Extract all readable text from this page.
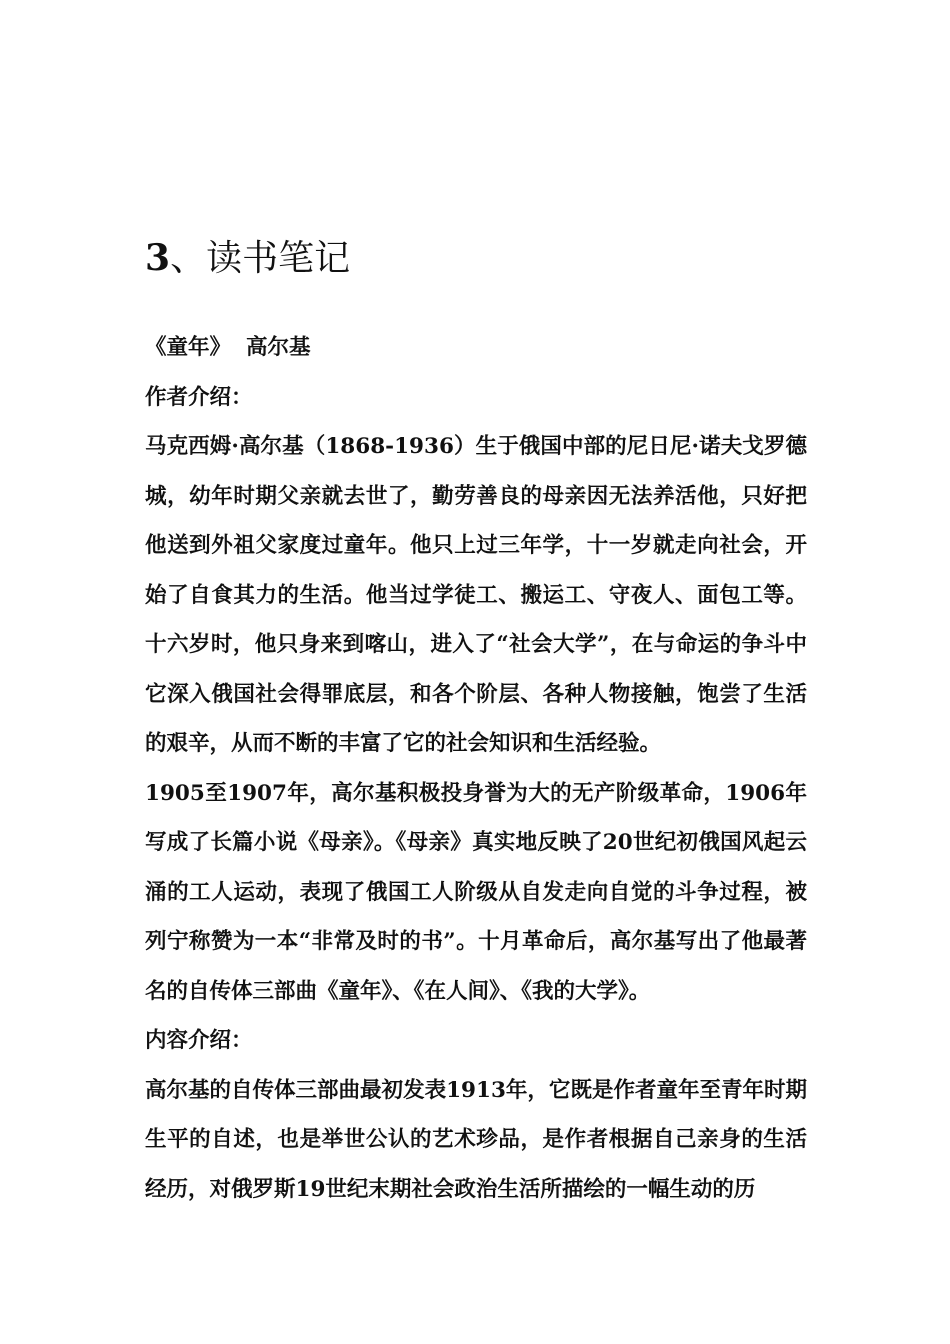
3、读书笔记

《童年》 高尔基

作者介绍：

马克西姆·高尔基（1868-1936）生于俄国中部的尼日尼·诺夫戈罗德城，幼年时期父亲就去世了，勤劳善良的母亲因无法养活他，只好把他送到外祖父家度过童年。他只上过三年学，十一岁就走向社会，开始了自食其力的生活。他当过学徒工、搬运工、守夜人、面包工等。十六岁时，他只身来到喀山，进入了“社会大学”，在与命运的争斗中它深入俄国社会得罪底层，和各个阶层、各种人物接触，饱尝了生活的艰辛，从而不断的丰富了它的社会知识和生活经验。

1905至1907年，高尔基积极投身誉为大的无产阶级革命，1906年写成了长篇小说《母亲》。《母亲》真实地反映了20世纪初俄国风起云涌的工人运动，表现了俄国工人阶级从自发走向自觉的斗争过程，被列宁称赞为一本“非常及时的书”。十月革命后，高尔基写出了他最著名的自传体三部曲《童年》、《在人间》、《我的大学》。

内容介绍：

高尔基的自传体三部曲最初发表1913年，它既是作者童年至青年时期生平的自述，也是举世公认的艺术珍品，是作者根据自己亲身的生活经历，对俄罗斯19世纪末期社会政治生活所描绘的一幅生动的历
